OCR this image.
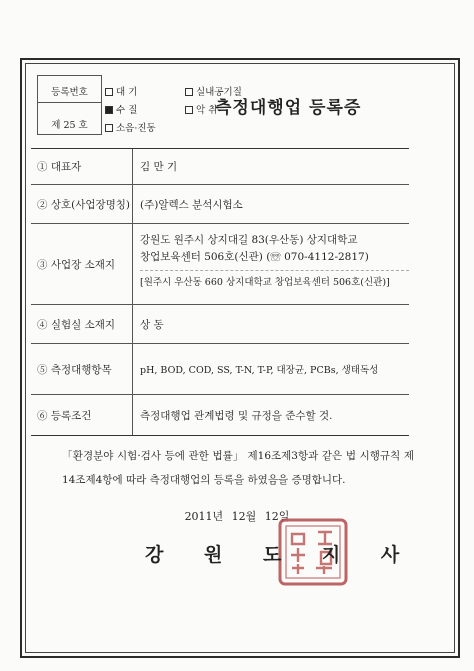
등록번호
제 25 호
대 기	실내공기질
수 질	악 취
소음·진동
측정대행업 등록증
① 대표자	김 만 기
② 상호(사업장명칭) (주)알렉스 분석시험소
③ 사업장 소재지
강원도 원주시 상지대길 83(우산동) 상지대학교
창업보육센터 506호(신관) (☏ 070-4112-2817)
[원주시 우산동 660 상지대학교 창업보육센터 506호(신관)]
④ 실험실 소재지	상 동
⑤ 측정대행항목	pH, BOD, COD, SS, T-N, T-P, 대장균, PCBs, 생태독성
⑥ 등록조건	측정대행업 관계법령 및 규정을 준수할 것.
「환경분야 시험·검사 등에 관한 법률」 제16조제3항과 같은 법 시행규칙 제14조제4항에 따라 측정대행업의 등록을 하였음을 증명합니다.
2011년 12월 12일
강 원 도 지 사
